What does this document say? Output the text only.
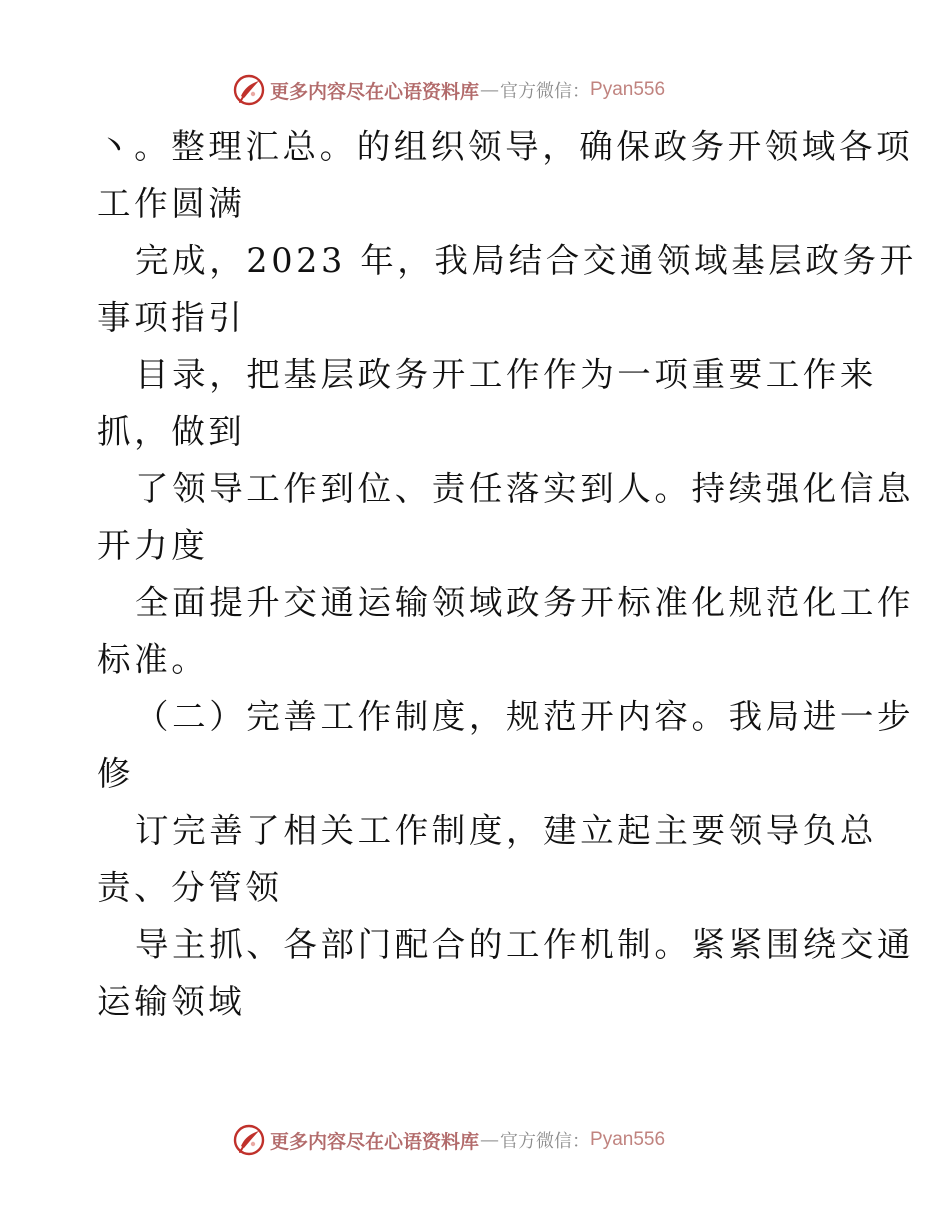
更多内容尽在心语资料库 — 官方微信： Pyan556
丶。整理汇总。的组织领导，确保政务开领域各项
工作圆满
完成，2023 年，我局结合交通领域基层政务开
事项指引
目录，把基层政务开工作作为一项重要工作来
抓，做到
了领导工作到位、责任落实到人。持续强化信息
开力度
全面提升交通运输领域政务开标准化规范化工作
标准。
（二）完善工作制度，规范开内容。我局进一步
修
订完善了相关工作制度，建立起主要领导负总
责、分管领
导主抓、各部门配合的工作机制。紧紧围绕交通
运输领域
更多内容尽在心语资料库 — 官方微信： Pyan556
